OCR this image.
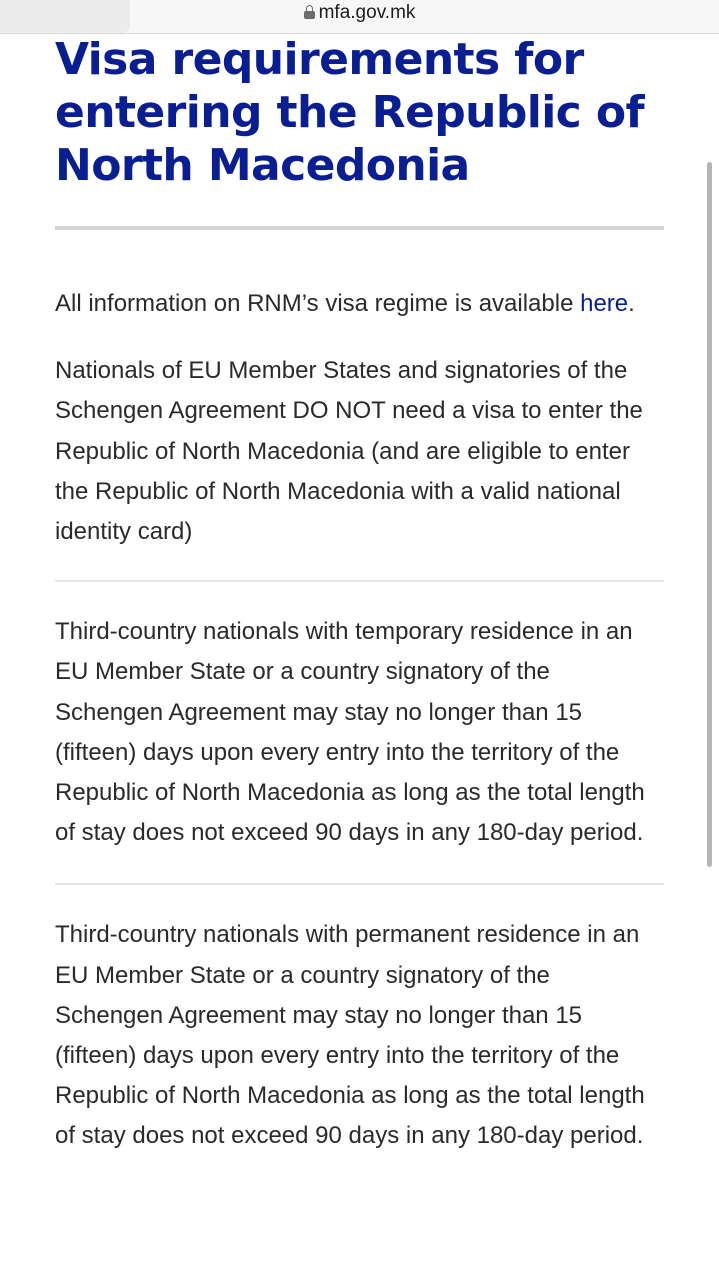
mfa.gov.mk
Visa requirements for entering the Republic of North Macedonia

All information on RNM’s visa regime is available here.

Nationals of EU Member States and signatories of the Schengen Agreement DO NOT need a visa to enter the Republic of North Macedonia (and are eligible to enter the Republic of North Macedonia with a valid national identity card)

Third-country nationals with temporary residence in an EU Member State or a country signatory of the Schengen Agreement may stay no longer than 15 (fifteen) days upon every entry into the territory of the Republic of North Macedonia as long as the total length of stay does not exceed 90 days in any 180-day period.

Third-country nationals with permanent residence in an EU Member State or a country signatory of the Schengen Agreement may stay no longer than 15 (fifteen) days upon every entry into the territory of the Republic of North Macedonia as long as the total length of stay does not exceed 90 days in any 180-day period.
